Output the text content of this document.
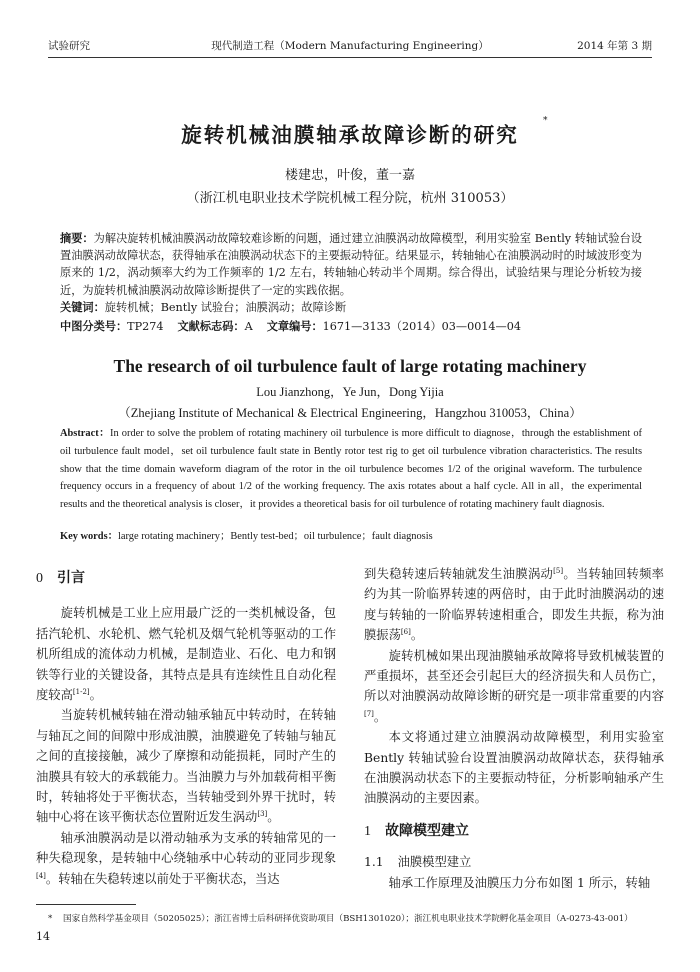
试验研究	现代制造工程（Modern Manufacturing Engineering）	2014 年第 3 期
旋转机械油膜轴承故障诊断的研究
*
楼建忠，叶俊，董一嘉
（浙江机电职业技术学院机械工程分院，杭州 310053）
摘要：为解决旋转机械油膜涡动故障较难诊断的问题，通过建立油膜涡动故障模型，利用实验室 Bently 转轴试验台设置油膜涡动故障状态，获得轴承在油膜涡动状态下的主要振动特征。结果显示，转轴轴心在油膜涡动时的时域波形变为原来的 1/2，涡动频率大约为工作频率的 1/2 左右，转轴轴心转动半个周期。综合得出，试验结果与理论分析较为接近，为旋转机械油膜涡动故障诊断提供了一定的实践依据。
关键词：旋转机械；Bently 试验台；油膜涡动；故障诊断
中图分类号：TP274 文献标志码：A 文章编号：1671—3133（2014）03—0014—04
The research of oil turbulence fault of large rotating machinery
Lou Jianzhong，Ye Jun，Dong Yijia
（Zhejiang Institute of Mechanical & Electrical Engineering，Hangzhou 310053，China）
Abstract：In order to solve the problem of rotating machinery oil turbulence is more difficult to diagnose，through the establishment of oil turbulence fault model，set oil turbulence fault state in Bently rotor test rig to get oil turbulence vibration characteristics. The results show that the time domain waveform diagram of the rotor in the oil turbulence becomes 1/2 of the original waveform. The turbulence frequency occurs in a frequency of about 1/2 of the working frequency. The axis rotates about a half cycle. All in all，the experimental results and the theoretical analysis is closer，it provides a theoretical basis for oil turbulence of rotating machinery fault diagnosis.
Key words：large rotating machinery；Bently test-bed；oil turbulence；fault diagnosis

0 引言

旋转机械是工业上应用最广泛的一类机械设备，包括汽轮机、水轮机、燃气轮机及烟气轮机等驱动的工作机所组成的流体动力机械，是制造业、石化、电力和钢铁等行业的关键设备，其特点是具有连续性且自动化程度较高[1-2]。

当旋转机械转轴在滑动轴承轴瓦中转动时，在转轴与轴瓦之间的间隙中形成油膜，油膜避免了转轴与轴瓦之间的直接接触，减少了摩擦和动能损耗，同时产生的油膜具有较大的承载能力。当油膜力与外加载荷相平衡时，转轴将处于平衡状态，当转轴受到外界干扰时，转轴中心将在该平衡状态位置附近发生涡动[3]。

轴承油膜涡动是以滑动轴承为支承的转轴常见的一种失稳现象，是转轴中心绕轴承中心转动的亚同步现象[4]。转轴在失稳转速以前处于平衡状态，当达

到失稳转速后转轴就发生油膜涡动[5]。当转轴回转频率约为其一阶临界转速的两倍时，由于此时油膜涡动的速度与转轴的一阶临界转速相重合，即发生共振，称为油膜振荡[6]。

旋转机械如果出现油膜轴承故障将导致机械装置的严重损坏，甚至还会引起巨大的经济损失和人员伤亡，所以对油膜涡动故障诊断的研究是一项非常重要的内容[7]。

本文将通过建立油膜涡动故障模型，利用实验室 Bently 转轴试验台设置油膜涡动故障状态，获得轴承在油膜涡动状态下的主要振动特征，分析影响轴承产生油膜涡动的主要因素。

1 故障模型建立

1.1 油膜模型建立

轴承工作原理及油膜压力分布如图 1 所示，转轴

* 国家自然科学基金项目（50205025）；浙江省博士后科研择优资助项目（BSH1301020）；浙江机电职业技术学院孵化基金项目（A-0273-43-001）
14
